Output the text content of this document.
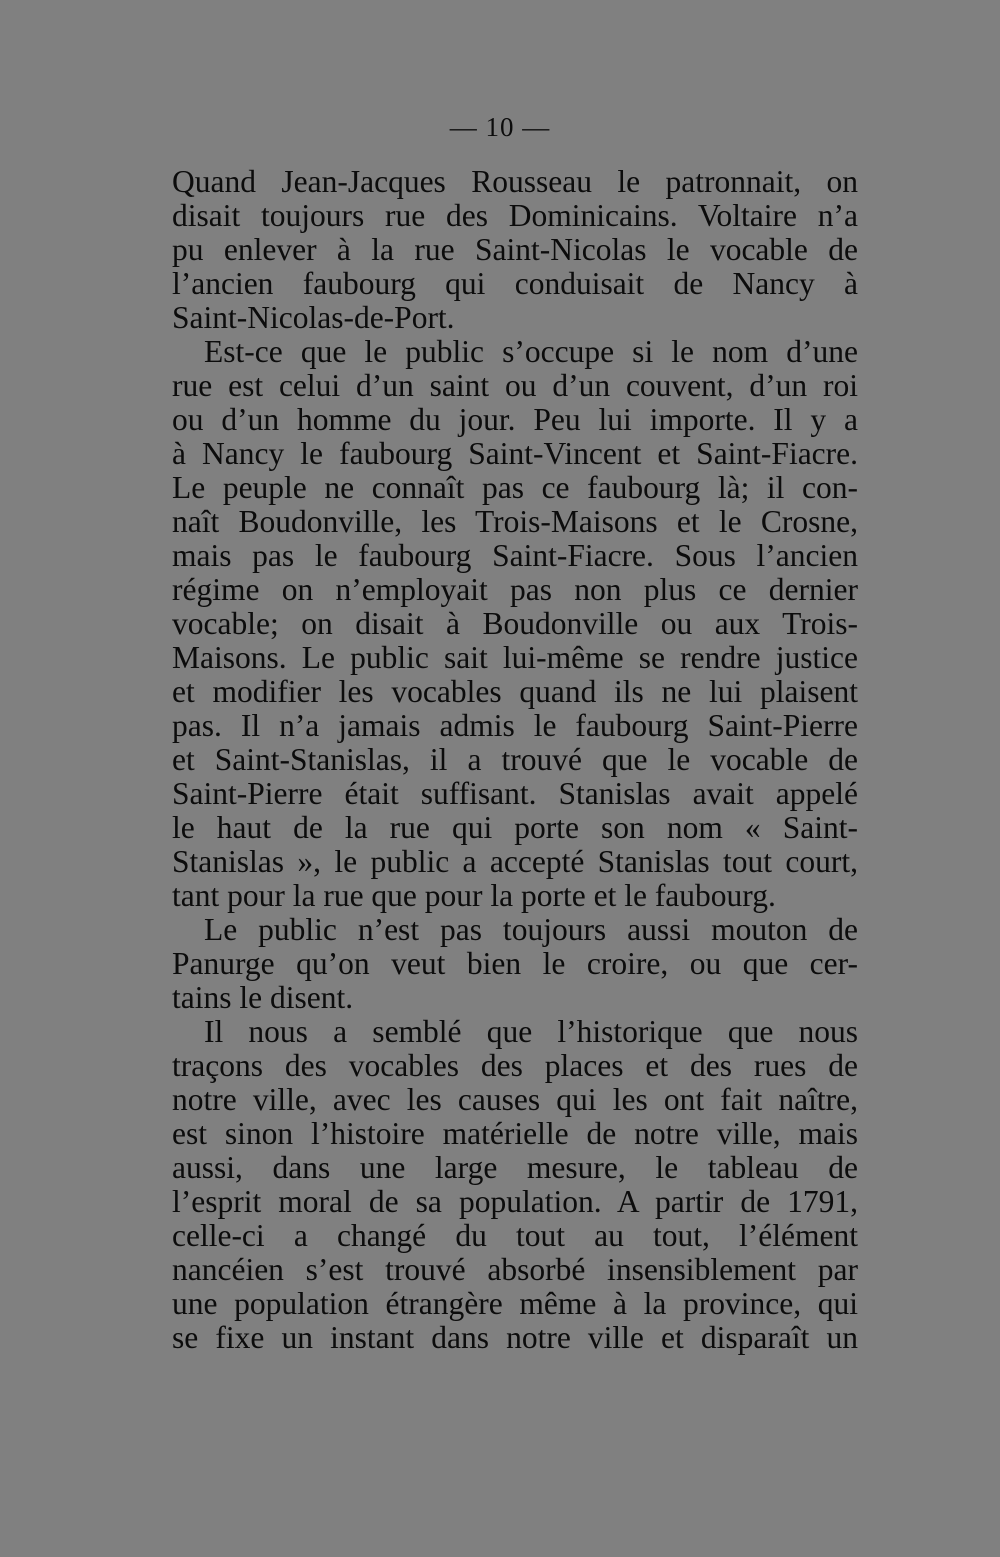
— 10 —
Quand Jean-Jacques Rousseau le patronnait, on
disait toujours rue des Dominicains. Voltaire n’a
pu enlever à la rue Saint-Nicolas le vocable de
l’ancien faubourg qui conduisait de Nancy à
Saint-Nicolas-de-Port.
Est-ce que le public s’occupe si le nom d’une
rue est celui d’un saint ou d’un couvent, d’un roi
ou d’un homme du jour. Peu lui importe. Il y a
à Nancy le faubourg Saint-Vincent et Saint-Fiacre.
Le peuple ne connaît pas ce faubourg là; il con-
naît Boudonville, les Trois-Maisons et le Crosne,
mais pas le faubourg Saint-Fiacre. Sous l’ancien
régime on n’employait pas non plus ce dernier
vocable; on disait à Boudonville ou aux Trois-
Maisons. Le public sait lui-même se rendre justice
et modifier les vocables quand ils ne lui plaisent
pas. Il n’a jamais admis le faubourg Saint-Pierre
et Saint-Stanislas, il a trouvé que le vocable de
Saint-Pierre était suffisant. Stanislas avait appelé
le haut de la rue qui porte son nom « Saint-
Stanislas », le public a accepté Stanislas tout court,
tant pour la rue que pour la porte et le faubourg.
Le public n’est pas toujours aussi mouton de
Panurge qu’on veut bien le croire, ou que cer-
tains le disent.
Il nous a semblé que l’historique que nous
traçons des vocables des places et des rues de
notre ville, avec les causes qui les ont fait naître,
est sinon l’histoire matérielle de notre ville, mais
aussi, dans une large mesure, le tableau de
l’esprit moral de sa population. A partir de 1791,
celle-ci a changé du tout au tout, l’élément
nancéien s’est trouvé absorbé insensiblement par
une population étrangère même à la province, qui
se fixe un instant dans notre ville et disparaît un
